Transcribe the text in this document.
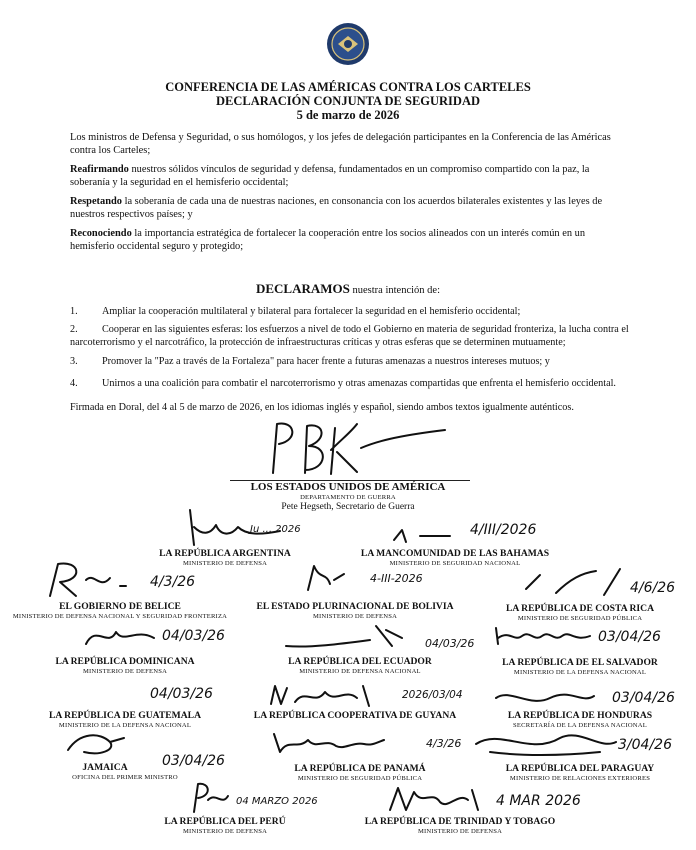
CONFERENCIA DE LAS AMÉRICAS CONTRA LOS CARTELES
DECLARACIÓN CONJUNTA DE SEGURIDAD
5 de marzo de 2026
Los ministros de Defensa y Seguridad, o sus homólogos, y los jefes de delegación participantes en la Conferencia de las Américas contra los Carteles;
Reafirmando nuestros sólidos vínculos de seguridad y defensa, fundamentados en un compromiso compartido con la paz, la soberanía y la seguridad en el hemisferio occidental;
Respetando la soberanía de cada una de nuestras naciones, en consonancia con los acuerdos bilaterales existentes y las leyes de nuestros respectivos países; y
Reconociendo la importancia estratégica de fortalecer la cooperación entre los socios alineados con un interés común en un hemisferio occidental seguro y protegido;
DECLARAMOS nuestra intención de:
1. Ampliar la cooperación multilateral y bilateral para fortalecer la seguridad en el hemisferio occidental;
2. Cooperar en las siguientes esferas: los esfuerzos a nivel de todo el Gobierno en materia de seguridad fronteriza, la lucha contra el narcoterrorismo y el narcotráfico, la protección de infraestructuras críticas y otras esferas que se determinen mutuamente;
3. Promover la "Paz a través de la Fortaleza" para hacer frente a futuras amenazas a nuestros intereses mutuos; y
4. Unirnos a una coalición para combatir el narcoterrorismo y otras amenazas compartidas que enfrenta el hemisferio occidental.
Firmada en Doral, del 4 al 5 de marzo de 2026, en los idiomas inglés y español, siendo ambos textos igualmente auténticos.
LOS ESTADOS UNIDOS DE AMÉRICA
DEPARTAMENTO DE GUERRA
Pete Hegseth, Secretario de Guerra
Ju ... 2026
LA REPÚBLICA ARGENTINA
MINISTERIO DE DEFENSA
4/III/2026
LA MANCOMUNIDAD DE LAS BAHAMAS
MINISTERIO DE SEGURIDAD NACIONAL
4/3/26
EL GOBIERNO DE BELICE
MINISTERIO DE DEFENSA NACIONAL Y SEGURIDAD FRONTERIZA
4-III-2026
EL ESTADO PLURINACIONAL DE BOLIVIA
MINISTERIO DE DEFENSA
4/6/26
LA REPÚBLICA DE COSTA RICA
MINISTERIO DE SEGURIDAD PÚBLICA
04/03/26
LA REPÚBLICA DOMINICANA
MINISTERIO DE DEFENSA
04/03/26
LA REPÚBLICA DEL ECUADOR
MINISTERIO DE DEFENSA NACIONAL
03/04/26
LA REPÚBLICA DE EL SALVADOR
MINISTERIO DE LA DEFENSA NACIONAL
04/03/26
LA REPÚBLICA DE GUATEMALA
MINISTERIO DE LA DEFENSA NACIONAL
2026/03/04
LA REPÚBLICA COOPERATIVA DE GUYANA
03/04/26
LA REPÚBLICA DE HONDURAS
SECRETARÍA DE LA DEFENSA NACIONAL
JAMAICA	03/04/26
OFICINA DEL PRIMER MINISTRO
4/3/26
LA REPÚBLICA DE PANAMÁ
MINISTERIO DE SEGURIDAD PÚBLICA
3/04/26
LA REPÚBLICA DEL PARAGUAY
MINISTERIO DE RELACIONES EXTERIORES
04 MARZO 2026
LA REPÚBLICA DEL PERÚ
MINISTERIO DE DEFENSA
4 MAR 2026
LA REPÚBLICA DE TRINIDAD Y TOBAGO
MINISTERIO DE DEFENSA
